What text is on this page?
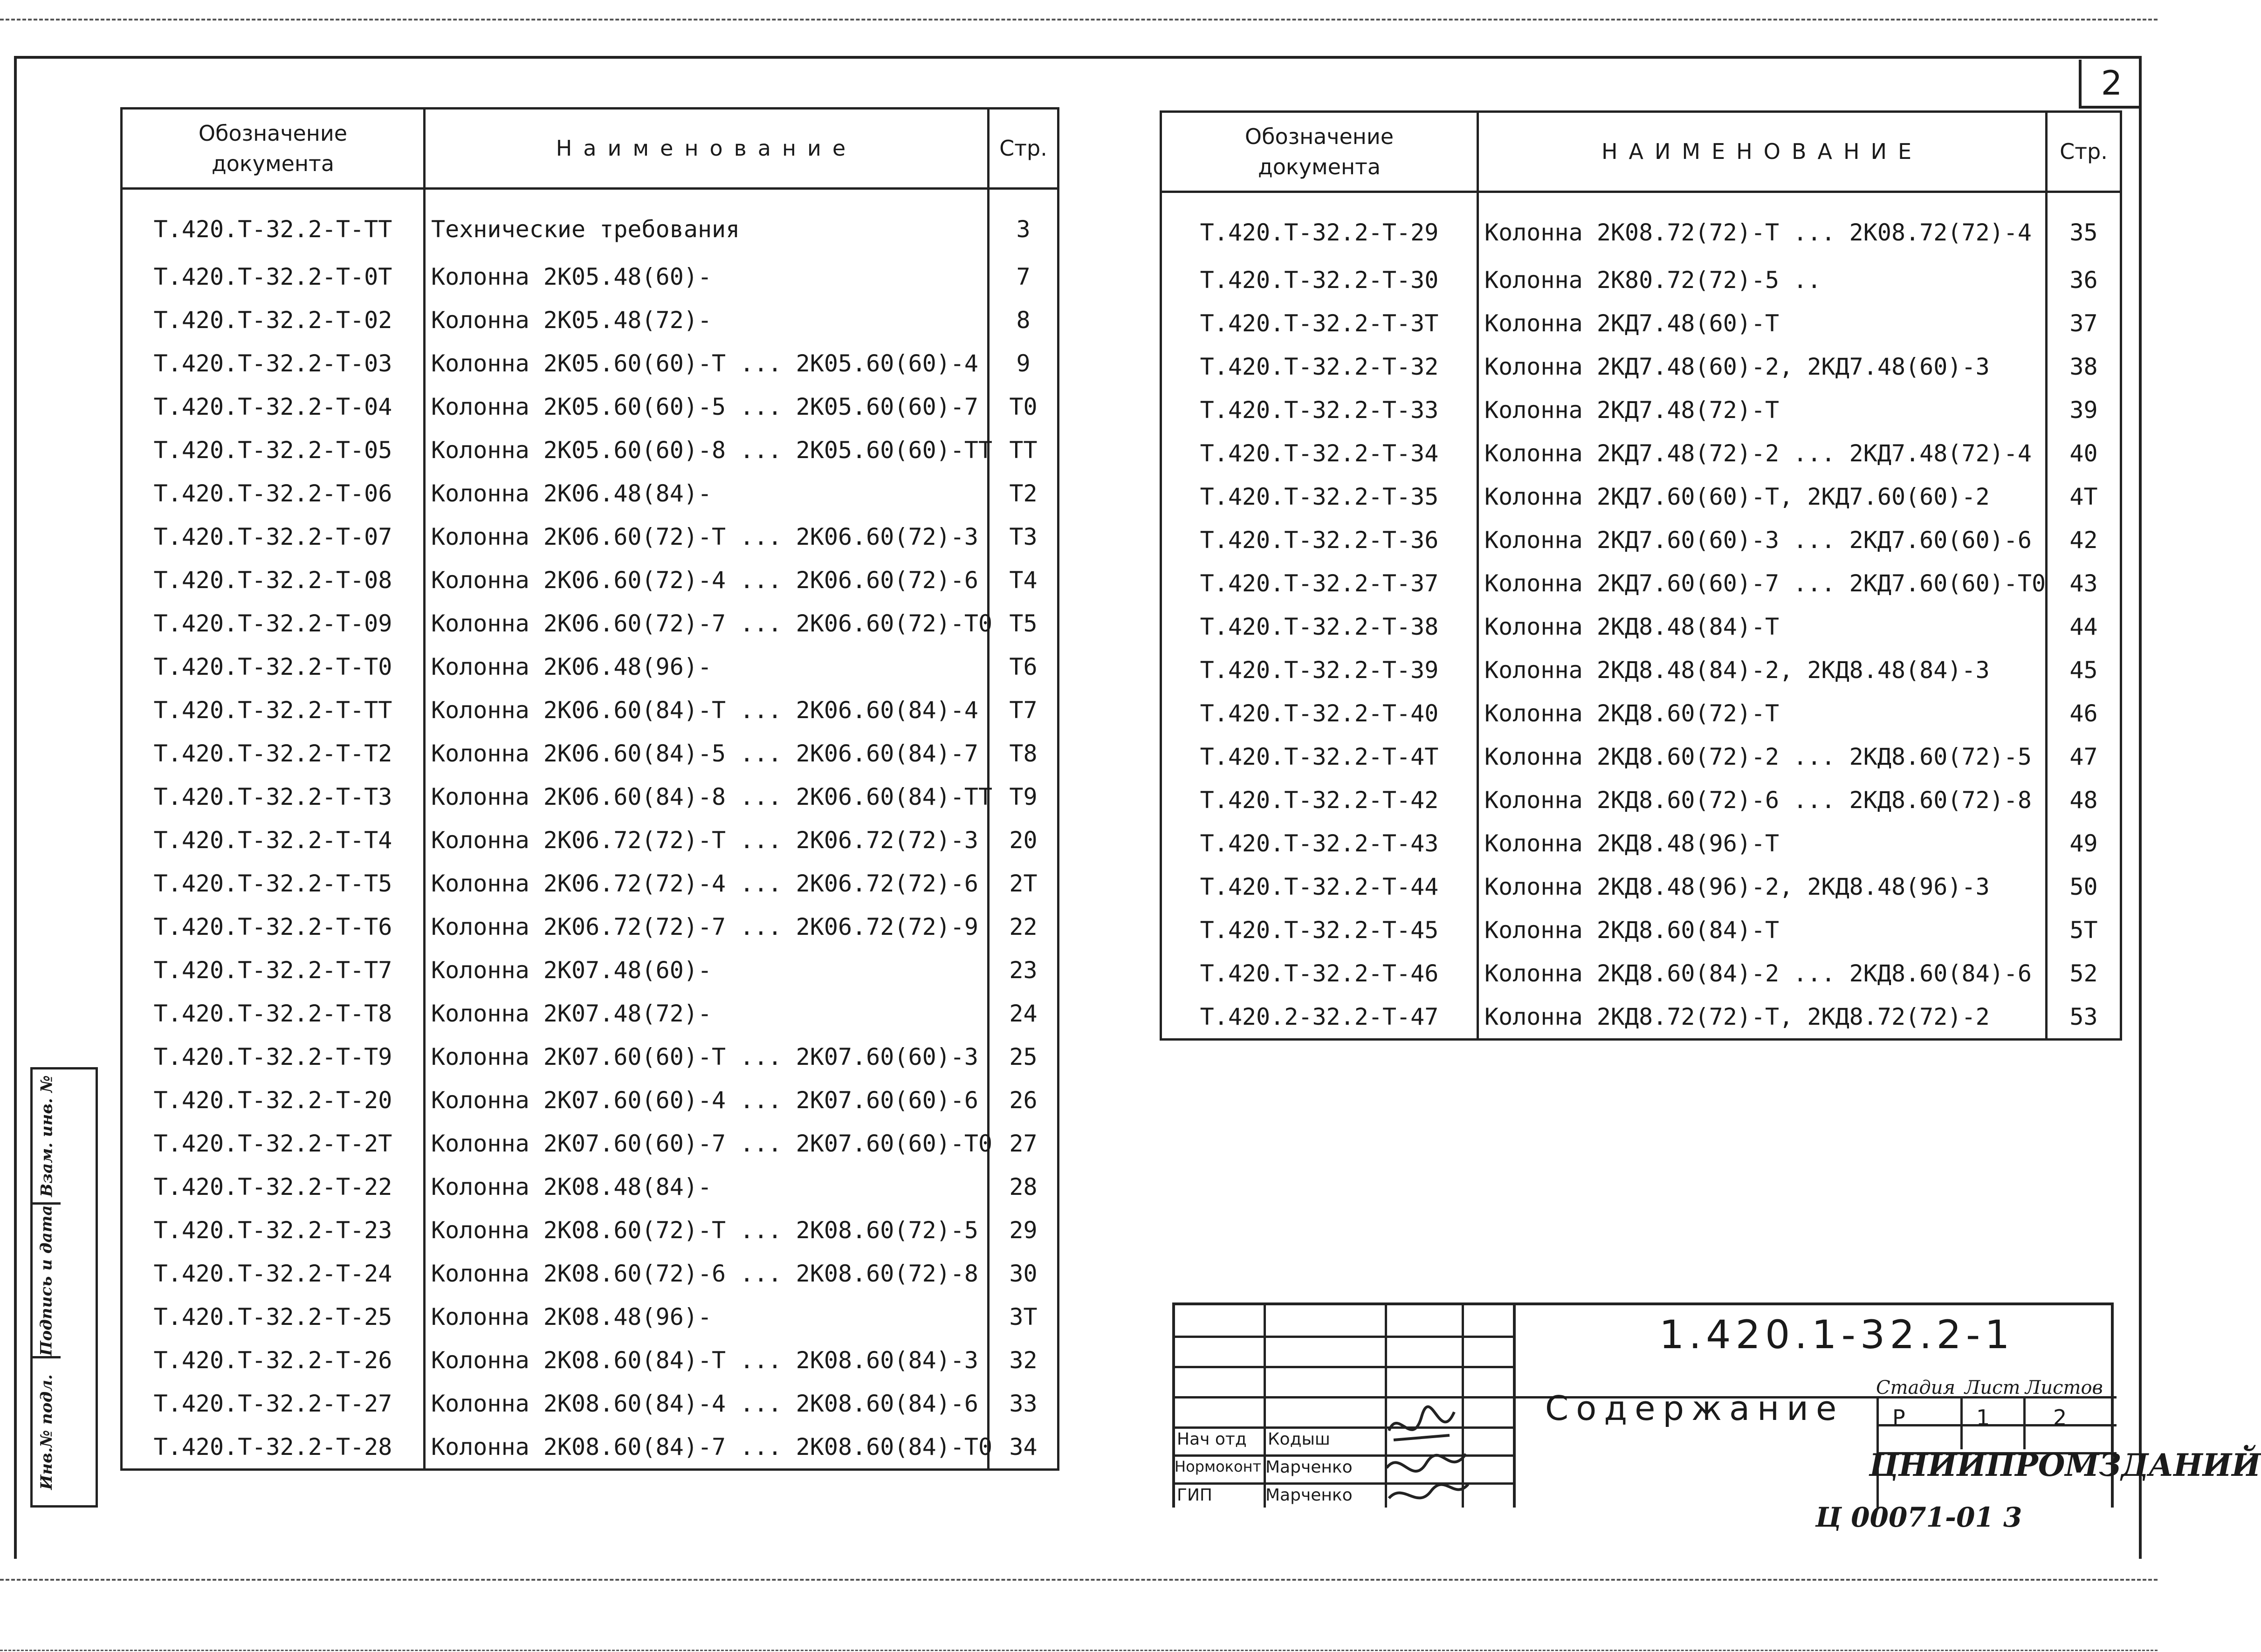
2
Взам. инв. №
Подпись и дата
Инв.№ подл.
Обозначение документа	Наименование	Стр.
Т.420.Т-32.2-Т-ТТ	Технические требования	3
Т.420.Т-32.2-Т-0Т	Колонна 2К05.48(60)-	7
Т.420.Т-32.2-Т-02	Колонна 2К05.48(72)-	8
Т.420.Т-32.2-Т-03	Колонна 2К05.60(60)-Т ... 2К05.60(60)-4	9
Т.420.Т-32.2-Т-04	Колонна 2К05.60(60)-5 ... 2К05.60(60)-7	Т0
Т.420.Т-32.2-Т-05	Колонна 2К05.60(60)-8 ... 2К05.60(60)-ТТ	ТТ
Т.420.Т-32.2-Т-06	Колонна 2К06.48(84)-	Т2
Т.420.Т-32.2-Т-07	Колонна 2К06.60(72)-Т ... 2К06.60(72)-3	Т3
Т.420.Т-32.2-Т-08	Колонна 2К06.60(72)-4 ... 2К06.60(72)-6	Т4
Т.420.Т-32.2-Т-09	Колонна 2К06.60(72)-7 ... 2К06.60(72)-Т0	Т5
Т.420.Т-32.2-Т-Т0	Колонна 2К06.48(96)-	Т6
Т.420.Т-32.2-Т-ТТ	Колонна 2К06.60(84)-Т ... 2К06.60(84)-4	Т7
Т.420.Т-32.2-Т-Т2	Колонна 2К06.60(84)-5 ... 2К06.60(84)-7	Т8
Т.420.Т-32.2-Т-Т3	Колонна 2К06.60(84)-8 ... 2К06.60(84)-ТТ	Т9
Т.420.Т-32.2-Т-Т4	Колонна 2К06.72(72)-Т ... 2К06.72(72)-3	20
Т.420.Т-32.2-Т-Т5	Колонна 2К06.72(72)-4 ... 2К06.72(72)-6	2Т
Т.420.Т-32.2-Т-Т6	Колонна 2К06.72(72)-7 ... 2К06.72(72)-9	22
Т.420.Т-32.2-Т-Т7	Колонна 2К07.48(60)-	23
Т.420.Т-32.2-Т-Т8	Колонна 2К07.48(72)-	24
Т.420.Т-32.2-Т-Т9	Колонна 2К07.60(60)-Т ... 2К07.60(60)-3	25
Т.420.Т-32.2-Т-20	Колонна 2К07.60(60)-4 ... 2К07.60(60)-6	26
Т.420.Т-32.2-Т-2Т	Колонна 2К07.60(60)-7 ... 2К07.60(60)-Т0	27
Т.420.Т-32.2-Т-22	Колонна 2К08.48(84)-	28
Т.420.Т-32.2-Т-23	Колонна 2К08.60(72)-Т ... 2К08.60(72)-5	29
Т.420.Т-32.2-Т-24	Колонна 2К08.60(72)-6 ... 2К08.60(72)-8	30
Т.420.Т-32.2-Т-25	Колонна 2К08.48(96)-	3Т
Т.420.Т-32.2-Т-26	Колонна 2К08.60(84)-Т ... 2К08.60(84)-3	32
Т.420.Т-32.2-Т-27	Колонна 2К08.60(84)-4 ... 2К08.60(84)-6	33
Т.420.Т-32.2-Т-28	Колонна 2К08.60(84)-7 ... 2К08.60(84)-Т0	34
Обозначение документа	НАИМЕНОВАНИЕ	Стр.
Т.420.Т-32.2-Т-29	Колонна 2К08.72(72)-Т ... 2К08.72(72)-4	35
Т.420.Т-32.2-Т-30	Колонна 2К80.72(72)-5 ..	36
Т.420.Т-32.2-Т-3Т	Колонна 2КД7.48(60)-Т	37
Т.420.Т-32.2-Т-32	Колонна 2КД7.48(60)-2, 2КД7.48(60)-3	38
Т.420.Т-32.2-Т-33	Колонна 2КД7.48(72)-Т	39
Т.420.Т-32.2-Т-34	Колонна 2КД7.48(72)-2 ... 2КД7.48(72)-4	40
Т.420.Т-32.2-Т-35	Колонна 2КД7.60(60)-Т, 2КД7.60(60)-2	4Т
Т.420.Т-32.2-Т-36	Колонна 2КД7.60(60)-3 ... 2КД7.60(60)-6	42
Т.420.Т-32.2-Т-37	Колонна 2КД7.60(60)-7 ... 2КД7.60(60)-Т0	43
Т.420.Т-32.2-Т-38	Колонна 2КД8.48(84)-Т	44
Т.420.Т-32.2-Т-39	Колонна 2КД8.48(84)-2, 2КД8.48(84)-3	45
Т.420.Т-32.2-Т-40	Колонна 2КД8.60(72)-Т	46
Т.420.Т-32.2-Т-4Т	Колонна 2КД8.60(72)-2 ... 2КД8.60(72)-5	47
Т.420.Т-32.2-Т-42	Колонна 2КД8.60(72)-6 ... 2КД8.60(72)-8	48
Т.420.Т-32.2-Т-43	Колонна 2КД8.48(96)-Т	49
Т.420.Т-32.2-Т-44	Колонна 2КД8.48(96)-2, 2КД8.48(96)-3	50
Т.420.Т-32.2-Т-45	Колонна 2КД8.60(84)-Т	5Т
Т.420.Т-32.2-Т-46	Колонна 2КД8.60(84)-2 ... 2КД8.60(84)-6	52
Т.420.2-32.2-Т-47	Колонна 2КД8.72(72)-Т, 2КД8.72(72)-2	53
1.420.1-32.2-1
Содержание
Стадия Лист Листов
Р	1	2
ЦНИИПРОМЗДАНИЙ
Нач отд Кодыш
Нормоконт Марченко
ГИП	Марченко
Ц 00071-01 3
